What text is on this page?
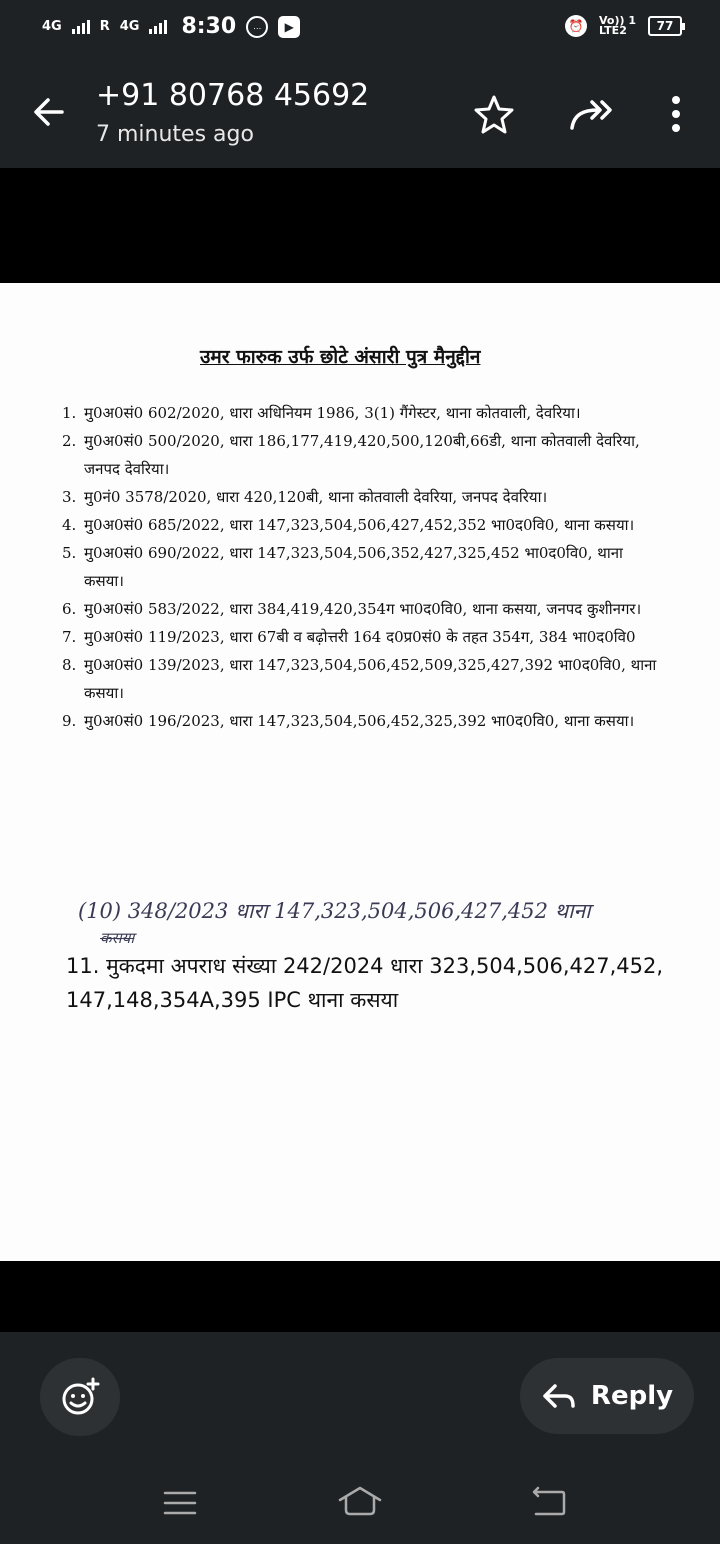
4G	R 4G 8:30	…	▶	⏰	Vo)) 1
LTE2	77
+91 80768 45692
7 minutes ago
उमर फारुक उर्फ छोटे अंसारी पुत्र मैनुद्दीन
1. मु0अ0सं0 602/2020, धारा अधिनियम 1986, 3(1) गैंगेस्टर, थाना कोतवाली, देवरिया।
2. मु0अ0सं0 500/2020, धारा 186,177,419,420,500,120बी,66डी, थाना कोतवाली देवरिया, जनपद देवरिया।
3. मु0नं0 3578/2020, धारा 420,120बी, थाना कोतवाली देवरिया, जनपद देवरिया।
4. मु0अ0सं0 685/2022, धारा 147,323,504,506,427,452,352 भा0द0वि0, थाना कसया।
5. मु0अ0सं0 690/2022, धारा 147,323,504,506,352,427,325,452 भा0द0वि0, थाना कसया।
6. मु0अ0सं0 583/2022, धारा 384,419,420,354ग भा0द0वि0, थाना कसया, जनपद कुशीनगर।
7. मु0अ0सं0 119/2023, धारा 67बी व बढ़ोत्तरी 164 द0प्र0सं0 के तहत 354ग, 384 भा0द0वि0
8. मु0अ0सं0 139/2023, धारा 147,323,504,506,452,509,325,427,392 भा0द0वि0, थाना कसया।
9. मु0अ0सं0 196/2023, धारा 147,323,504,506,452,325,392 भा0द0वि0, थाना कसया।
(10) 348/2023 धारा 147,323,504,506,427,452 थाना
कसया
11. मुकदमा अपराध संख्या 242/2024 धारा 323,504,506,427,452, 147,148,354A,395 IPC थाना कसया
Reply
